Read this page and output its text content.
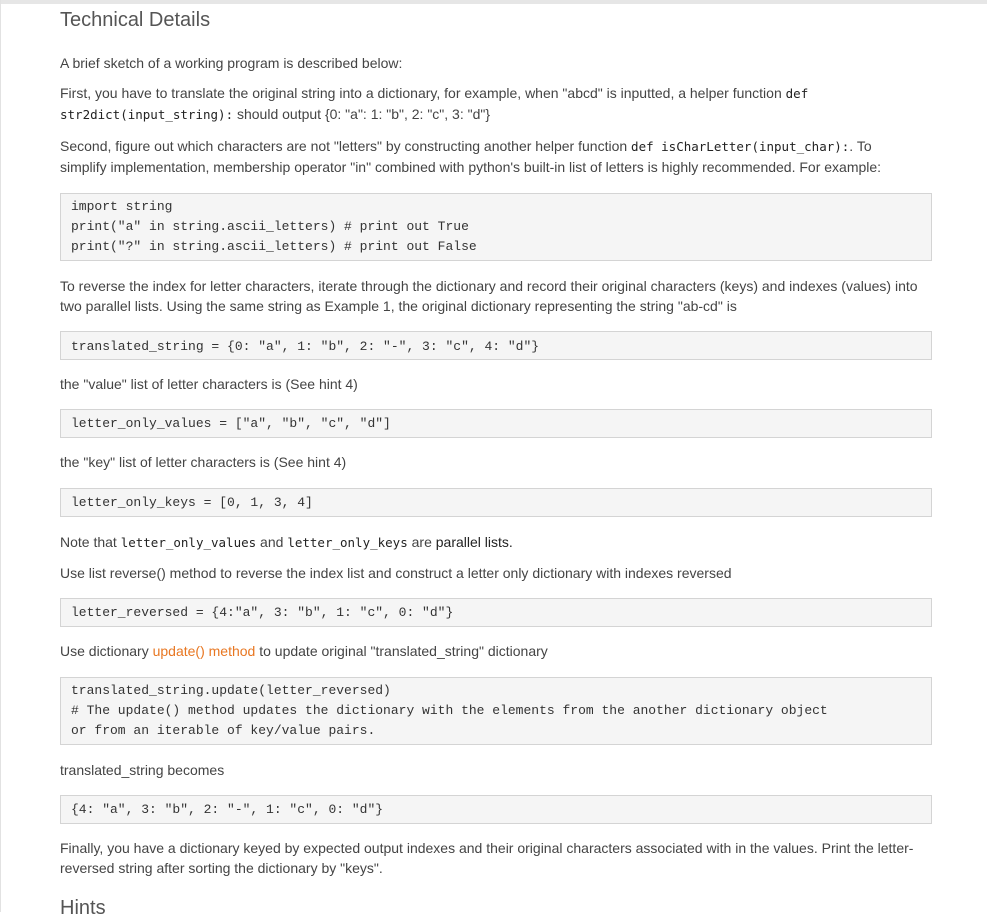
Technical Details

A brief sketch of a working program is described below:

First, you have to translate the original string into a dictionary, for example, when "abcd" is inputted, a helper function def
str2dict(input_string): should output {0: "a": 1: "b", 2: "c", 3: "d"}

Second, figure out which characters are not "letters" by constructing another helper function def isCharLetter(input_char):. To
simplify implementation, membership operator "in" combined with python's built-in list of letters is highly recommended. For example:

import string
print("a" in string.ascii_letters) # print out True
print("?" in string.ascii_letters) # print out False

To reverse the index for letter characters, iterate through the dictionary and record their original characters (keys) and indexes (values) into
two parallel lists. Using the same string as Example 1, the original dictionary representing the string "ab-cd" is

translated_string = {0: "a", 1: "b", 2: "-", 3: "c", 4: "d"}

the "value" list of letter characters is (See hint 4)

letter_only_values = ["a", "b", "c", "d"]

the "key" list of letter characters is (See hint 4)

letter_only_keys = [0, 1, 3, 4]

Note that letter_only_values and letter_only_keys are parallel lists.

Use list reverse() method to reverse the index list and construct a letter only dictionary with indexes reversed

letter_reversed = {4:"a", 3: "b", 1: "c", 0: "d"}

Use dictionary update() method to update original "translated_string" dictionary

translated_string.update(letter_reversed)
# The update() method updates the dictionary with the elements from the another dictionary object
or from an iterable of key/value pairs.

translated_string becomes

{4: "a", 3: "b", 2: "-", 1: "c", 0: "d"}

Finally, you have a dictionary keyed by expected output indexes and their original characters associated with in the values. Print the letter-
reversed string after sorting the dictionary by "keys".

Hints
